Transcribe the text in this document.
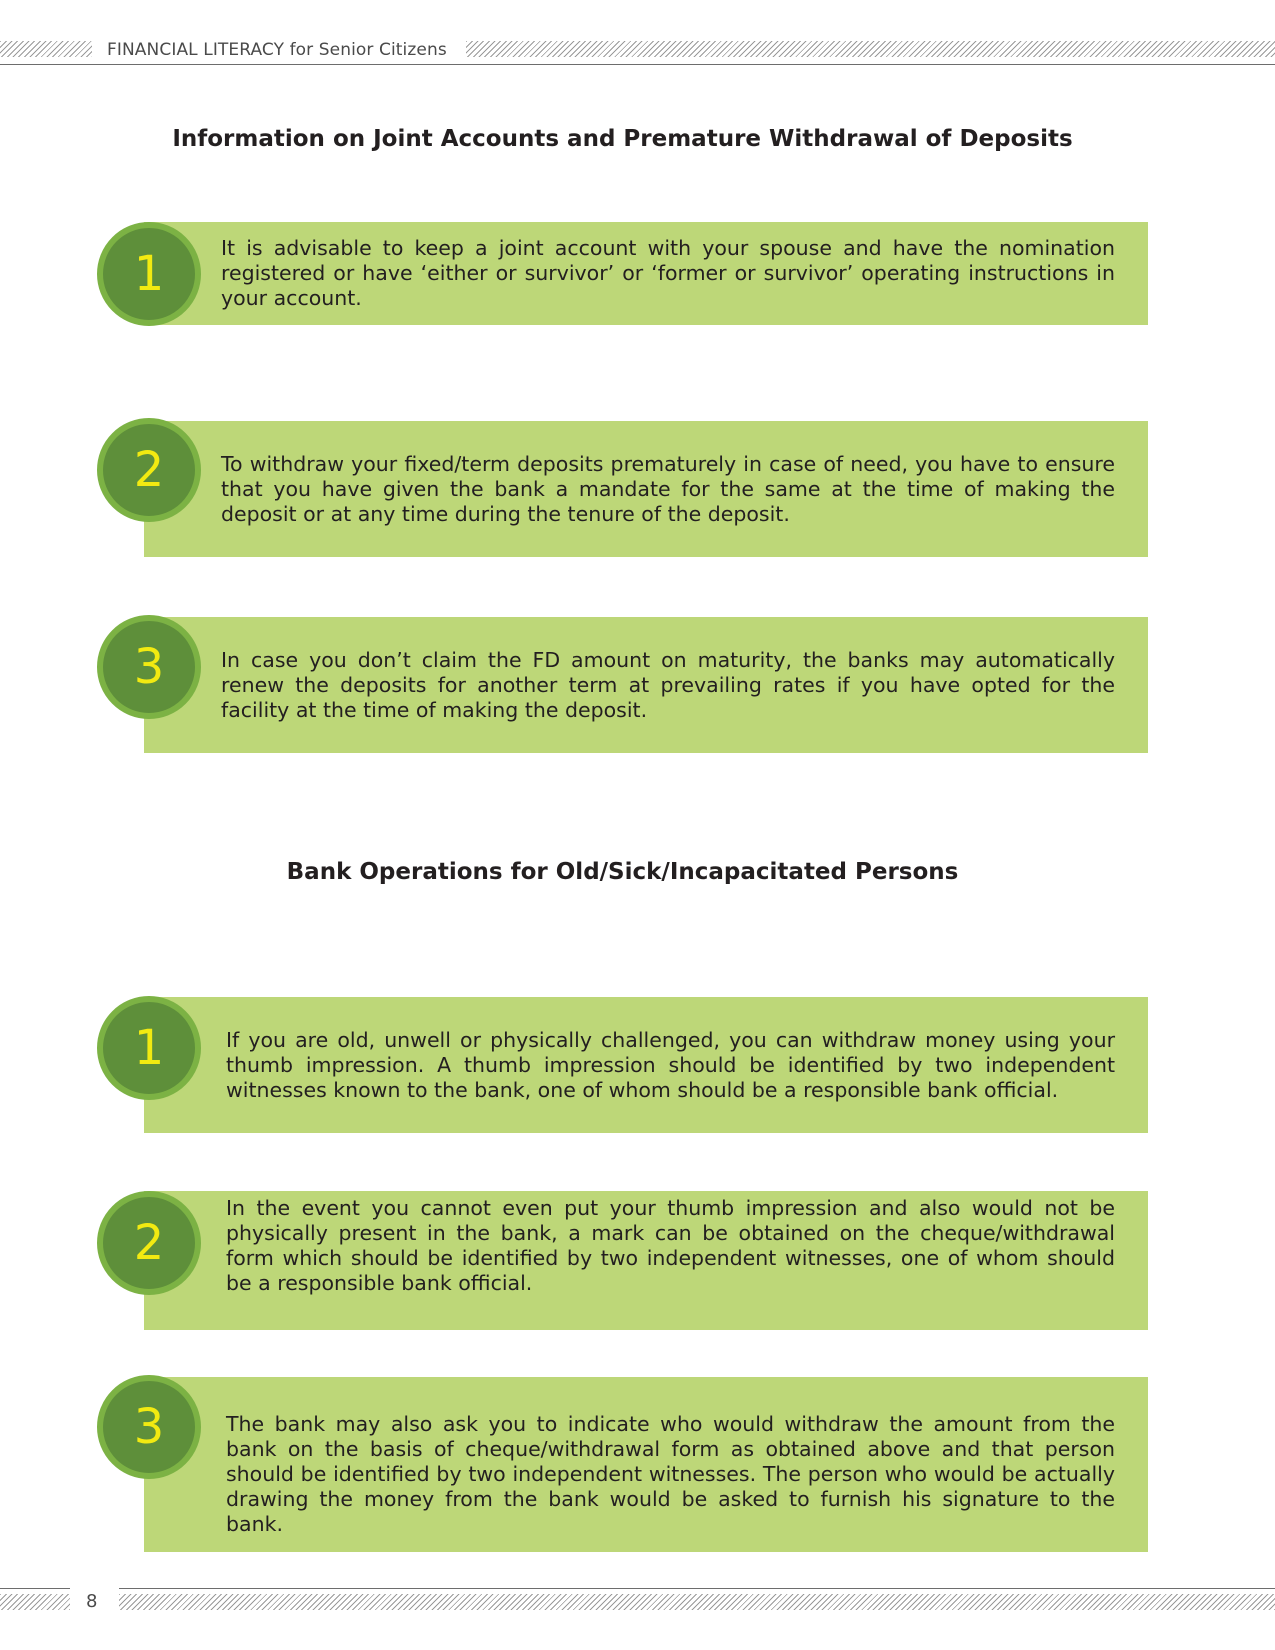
FINANCIAL LITERACY for Senior Citizens
Information on Joint Accounts and Premature Withdrawal of Deposits
1	It is advisable to keep a joint account with your spouse and have the nomination registered or have ‘either or survivor’ or ‘former or survivor’ operating instructions in your account.
2	To withdraw your fixed/term deposits prematurely in case of need, you have to ensure that you have given the bank a mandate for the same at the time of making the deposit or at any time during the tenure of the deposit.
3	In case you don’t claim the FD amount on maturity, the banks may automatically renew the deposits for another term at prevailing rates if you have opted for the facility at the time of making the deposit.
Bank Operations for Old/Sick/Incapacitated Persons
1	If you are old, unwell or physically challenged, you can withdraw money using your thumb impression. A thumb impression should be identified by two independent witnesses known to the bank, one of whom should be a responsible bank official.
2
In the event you cannot even put your thumb impression and also would not be physically present in the bank, a mark can be obtained on the cheque/withdrawal form which should be identified by two independent witnesses, one of whom should be a responsible bank official.
3	The bank may also ask you to indicate who would withdraw the amount from the bank on the basis of cheque/withdrawal form as obtained above and that person should be identified by two independent witnesses. The person who would be actually drawing the money from the bank would be asked to furnish his signature to the bank.
8
